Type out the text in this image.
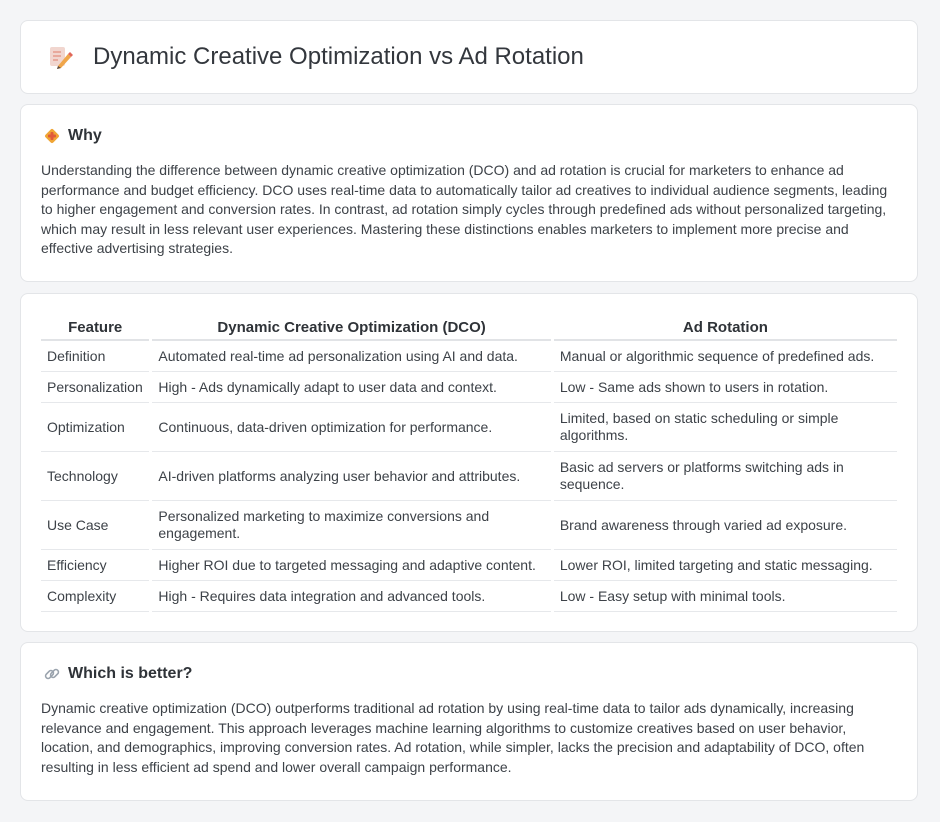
Dynamic Creative Optimization vs Ad Rotation
Why
Understanding the difference between dynamic creative optimization (DCO) and ad rotation is crucial for marketers to enhance ad performance and budget efficiency. DCO uses real-time data to automatically tailor ad creatives to individual audience segments, leading to higher engagement and conversion rates. In contrast, ad rotation simply cycles through predefined ads without personalized targeting, which may result in less relevant user experiences. Mastering these distinctions enables marketers to implement more precise and effective advertising strategies.
Feature	Dynamic Creative Optimization (DCO)	Ad Rotation
Definition	Automated real-time ad personalization using AI and data.	Manual or algorithmic sequence of predefined ads.
Personalization	High - Ads dynamically adapt to user data and context.	Low - Same ads shown to users in rotation.
Optimization	Continuous, data-driven optimization for performance.	Limited, based on static scheduling or simple algorithms.
Technology	AI-driven platforms analyzing user behavior and attributes.	Basic ad servers or platforms switching ads in sequence.
Use Case	Personalized marketing to maximize conversions and engagement.	Brand awareness through varied ad exposure.
Efficiency	Higher ROI due to targeted messaging and adaptive content.	Lower ROI, limited targeting and static messaging.
Complexity	High - Requires data integration and advanced tools.	Low - Easy setup with minimal tools.
Which is better?
Dynamic creative optimization (DCO) outperforms traditional ad rotation by using real-time data to tailor ads dynamically, increasing relevance and engagement. This approach leverages machine learning algorithms to customize creatives based on user behavior, location, and demographics, improving conversion rates. Ad rotation, while simpler, lacks the precision and adaptability of DCO, often resulting in less efficient ad spend and lower overall campaign performance.
